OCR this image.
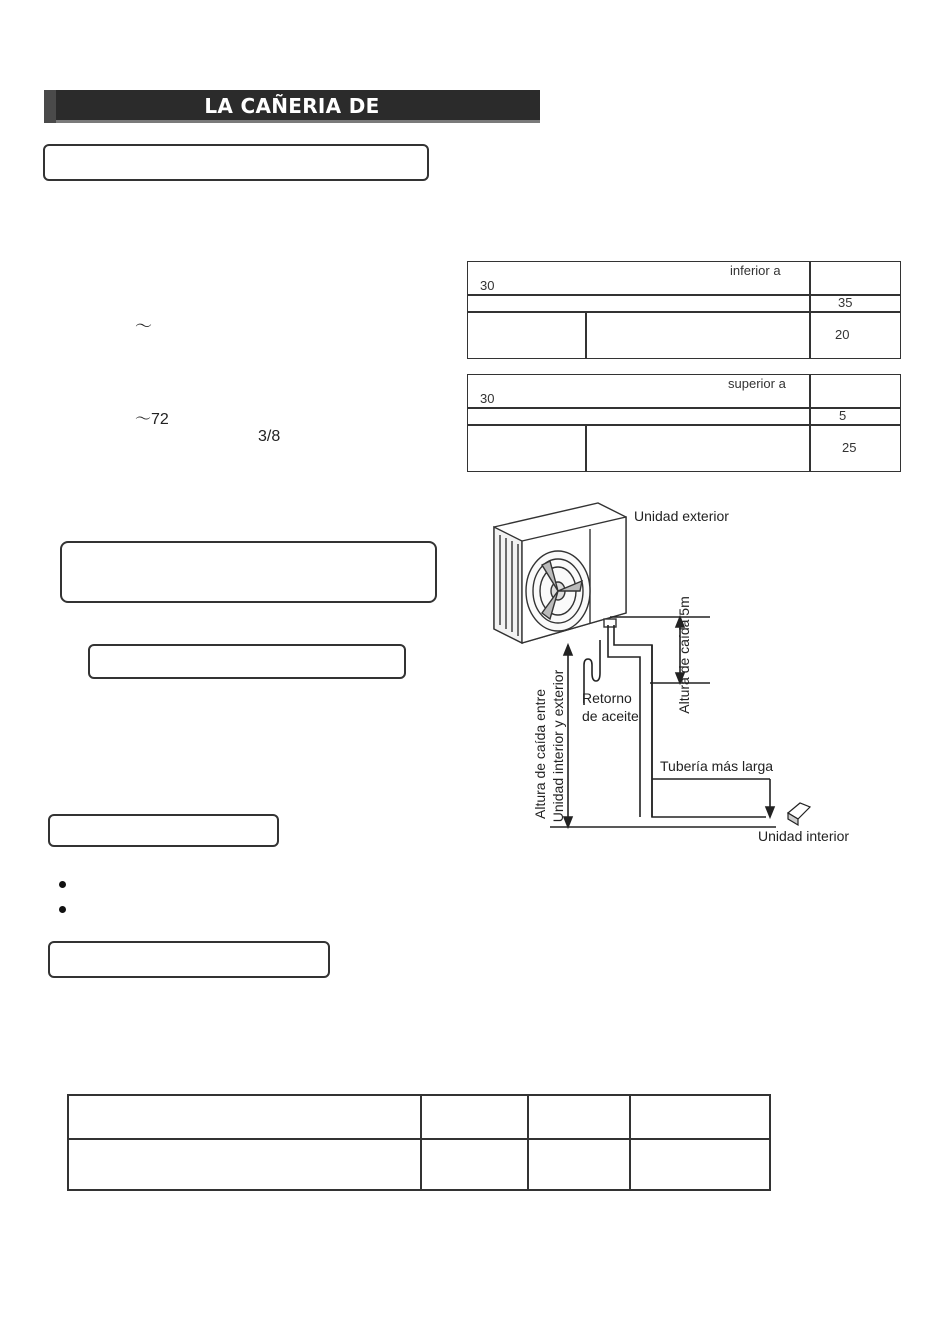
LA CAÑERIA DE
〜
〜72
3/8
inferior a
30
35
20
superior a
30
5
25
Unidad exterior
Altura de caída 5m
Retorno
de aceite
Altura de caída entre Unidad interior y exterior	Tubería más larga
Unidad interior
